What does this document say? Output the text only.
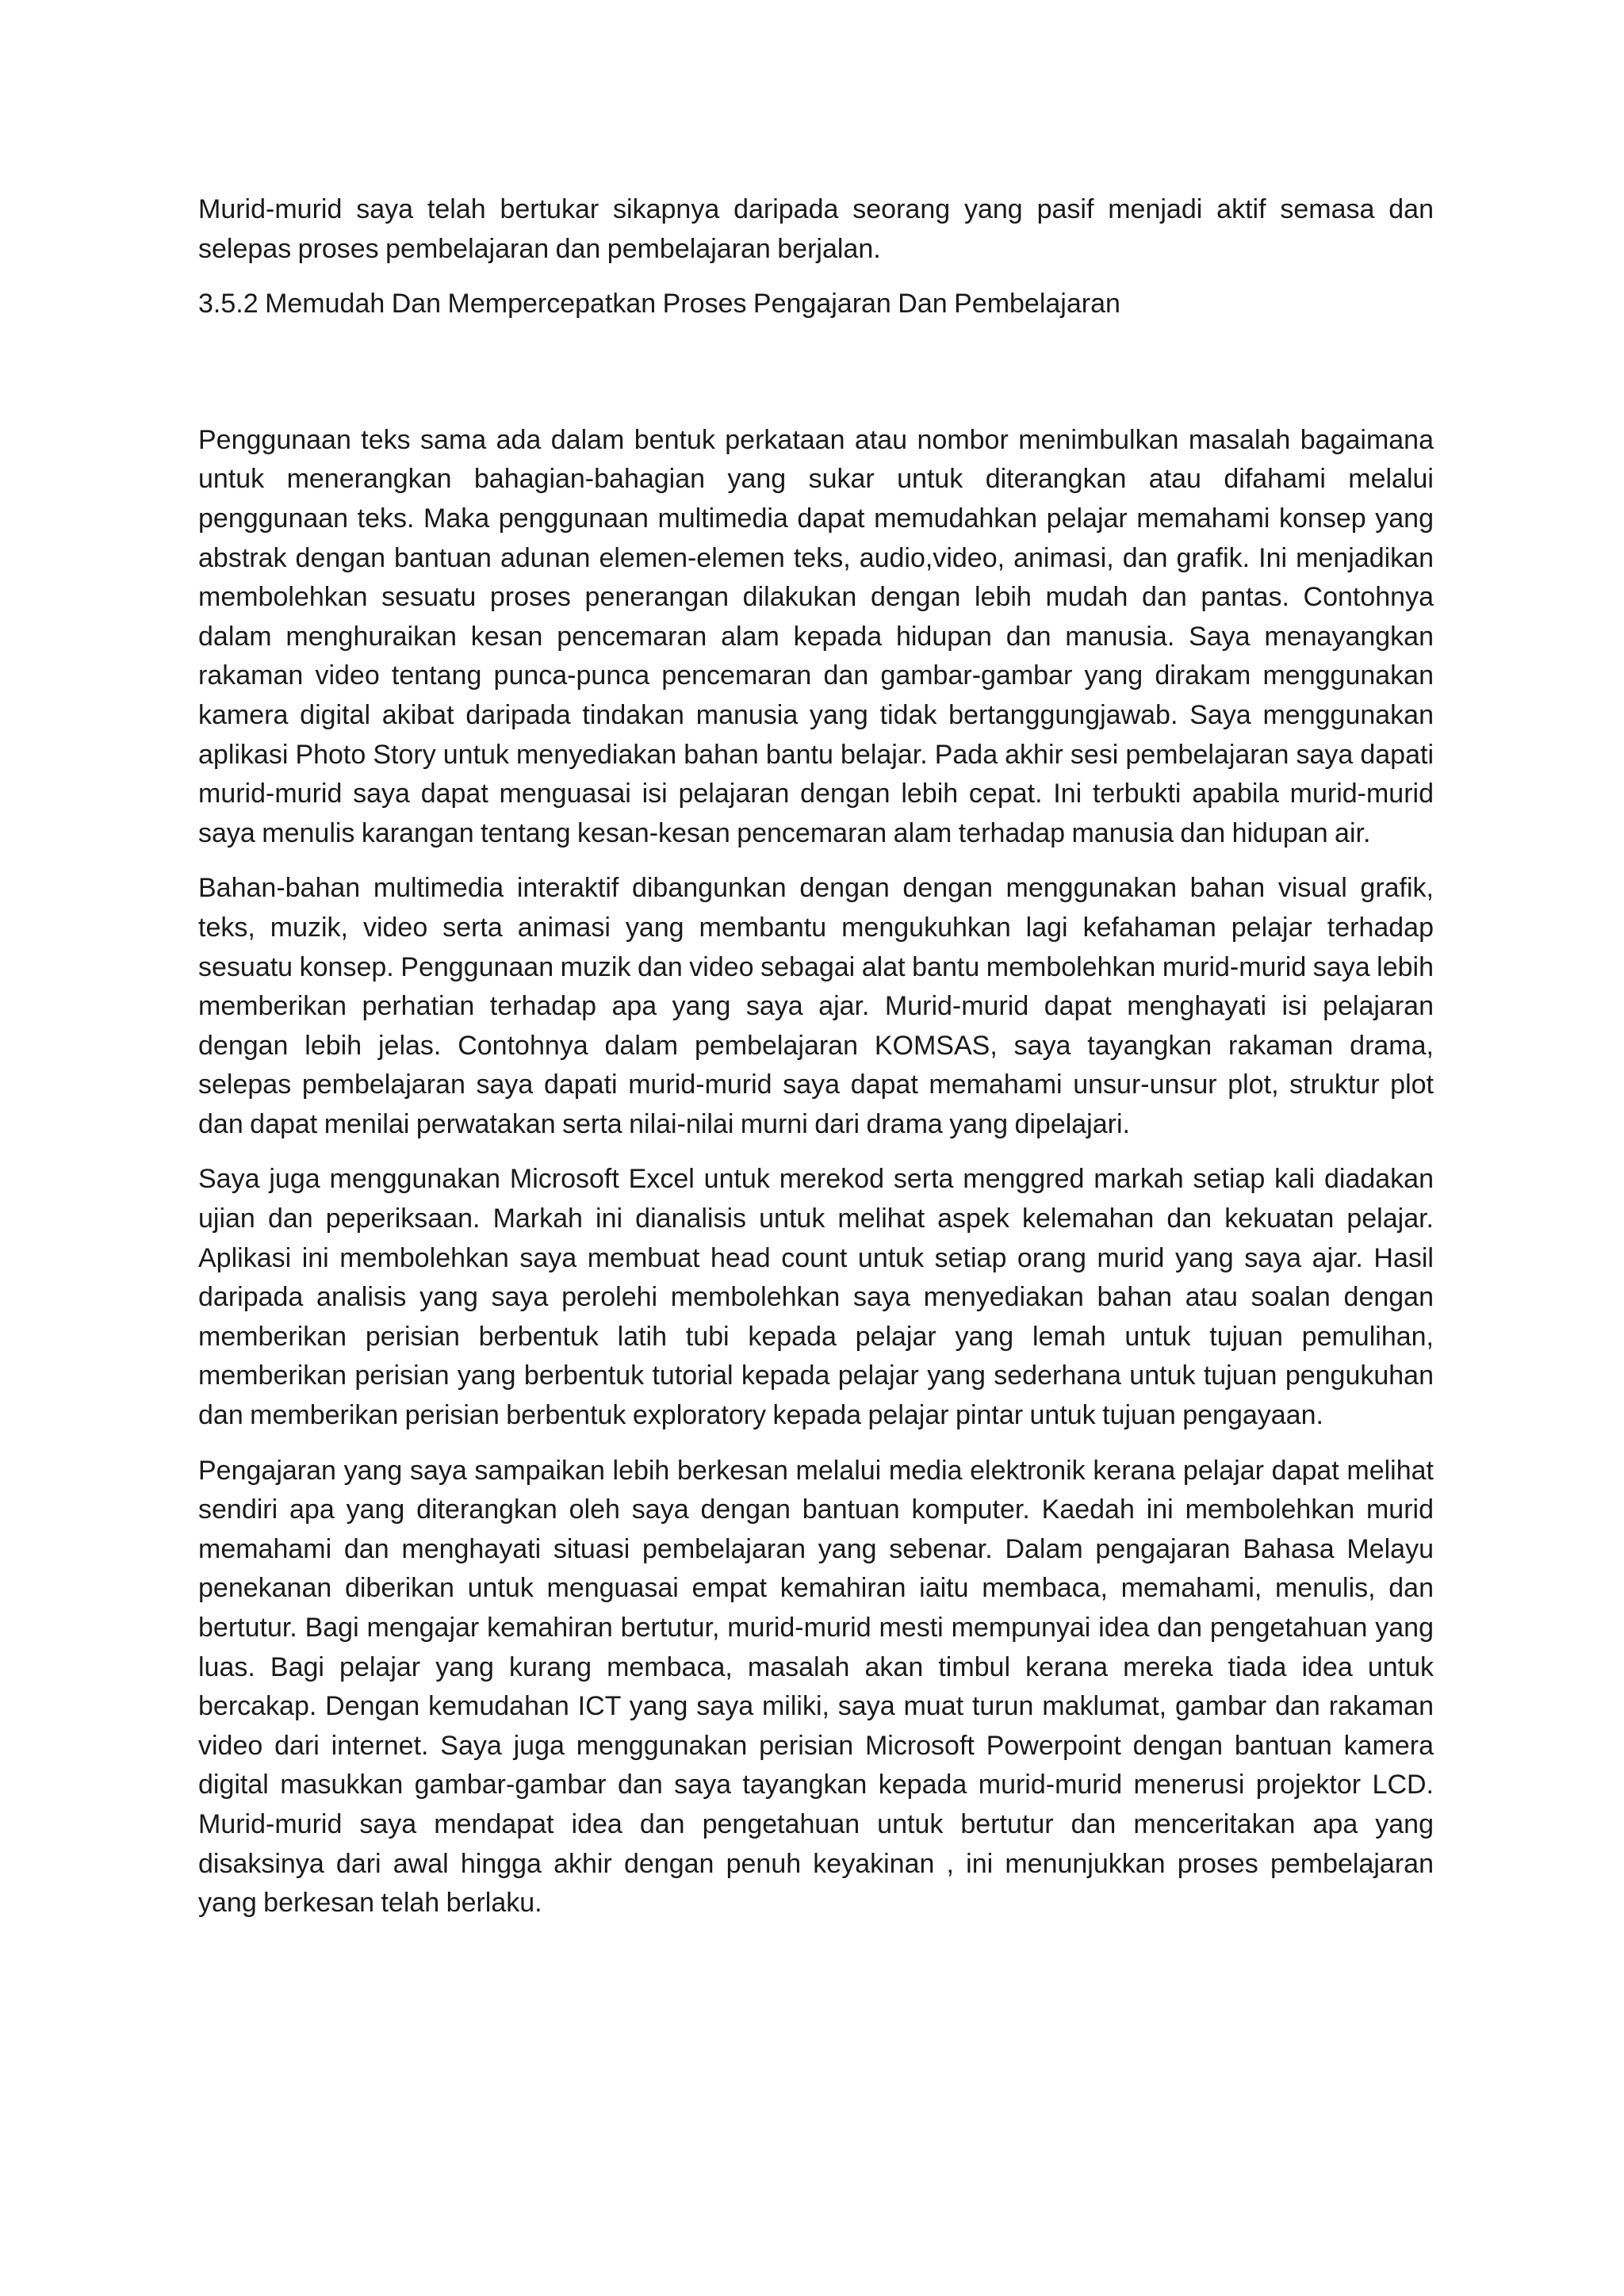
Murid-murid saya telah bertukar sikapnya daripada seorang yang pasif menjadi aktif semasa dan selepas proses pembelajaran dan pembelajaran berjalan.

3.5.2 Memudah Dan Mempercepatkan Proses Pengajaran Dan Pembelajaran

Penggunaan teks sama ada dalam bentuk perkataan atau nombor menimbulkan masalah bagaimana untuk menerangkan bahagian-bahagian yang sukar untuk diterangkan atau difahami melalui penggunaan teks. Maka penggunaan multimedia dapat memudahkan pelajar memahami konsep yang abstrak dengan bantuan adunan elemen-elemen teks, audio,video, animasi, dan grafik. Ini menjadikan membolehkan sesuatu proses penerangan dilakukan dengan lebih mudah dan pantas. Contohnya dalam menghuraikan kesan pencemaran alam kepada hidupan dan manusia. Saya menayangkan rakaman video tentang punca-punca pencemaran dan gambar-gambar yang dirakam menggunakan kamera digital akibat daripada tindakan manusia yang tidak bertanggungjawab. Saya menggunakan aplikasi Photo Story untuk menyediakan bahan bantu belajar. Pada akhir sesi pembelajaran saya dapati murid-murid saya dapat menguasai isi pelajaran dengan lebih cepat. Ini terbukti apabila murid-murid saya menulis karangan tentang kesan-kesan pencemaran alam terhadap manusia dan hidupan air.

Bahan-bahan multimedia interaktif dibangunkan dengan dengan menggunakan bahan visual grafik, teks, muzik, video serta animasi yang membantu mengukuhkan lagi kefahaman pelajar terhadap sesuatu konsep. Penggunaan muzik dan video sebagai alat bantu membolehkan murid-murid saya lebih memberikan perhatian terhadap apa yang saya ajar. Murid-murid dapat menghayati isi pelajaran dengan lebih jelas. Contohnya dalam pembelajaran KOMSAS, saya tayangkan rakaman drama, selepas pembelajaran saya dapati murid-murid saya dapat memahami unsur-unsur plot, struktur plot dan dapat menilai perwatakan serta nilai-nilai murni dari drama yang dipelajari.

Saya juga menggunakan Microsoft Excel untuk merekod serta menggred markah setiap kali diadakan ujian dan peperiksaan. Markah ini dianalisis untuk melihat aspek kelemahan dan kekuatan pelajar. Aplikasi ini membolehkan saya membuat head count untuk setiap orang murid yang saya ajar. Hasil daripada analisis yang saya perolehi membolehkan saya menyediakan bahan atau soalan dengan memberikan perisian berbentuk latih tubi kepada pelajar yang lemah untuk tujuan pemulihan, memberikan perisian yang berbentuk tutorial kepada pelajar yang sederhana untuk tujuan pengukuhan dan memberikan perisian berbentuk exploratory kepada pelajar pintar untuk tujuan pengayaan.

Pengajaran yang saya sampaikan lebih berkesan melalui media elektronik kerana pelajar dapat melihat sendiri apa yang diterangkan oleh saya dengan bantuan komputer. Kaedah ini membolehkan murid memahami dan menghayati situasi pembelajaran yang sebenar. Dalam pengajaran Bahasa Melayu penekanan diberikan untuk menguasai empat kemahiran iaitu membaca, memahami, menulis, dan bertutur. Bagi mengajar kemahiran bertutur, murid-murid mesti mempunyai idea dan pengetahuan yang luas. Bagi pelajar yang kurang membaca, masalah akan timbul kerana mereka tiada idea untuk bercakap. Dengan kemudahan ICT yang saya miliki, saya muat turun maklumat, gambar dan rakaman video dari internet. Saya juga menggunakan perisian Microsoft Powerpoint dengan bantuan kamera digital masukkan gambar-gambar dan saya tayangkan kepada murid-murid menerusi projektor LCD. Murid-murid saya mendapat idea dan pengetahuan untuk bertutur dan menceritakan apa yang disaksinya dari awal hingga akhir dengan penuh keyakinan , ini menunjukkan proses pembelajaran yang berkesan telah berlaku.
